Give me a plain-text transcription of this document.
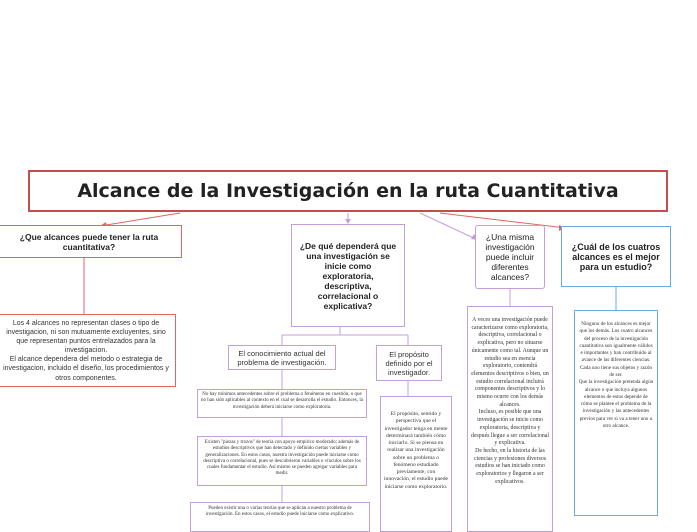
Alcance de la Investigación en la ruta Cuantitativa
¿Que alcances puede tener la ruta cuantitativa?
Los 4 alcances no representan clases o tipo de investigacion, ni son mutuamente excluyentes, sino que representan puntos entrelazados para la investigacion.
El alcance dependera del metodo o estrategia de investigacion, incluido el diseño, los procedimientos y otros componentes.
¿De qué dependerá que una investigación se inicie como exploratoria, descriptiva, correlacional o explicativa?
El conocimiento actual del problema de investigación.
El propósito definido por el investigador.
No hay mínimos antecedentes sobre el problema o fenómeno en cuestión, o que no han sido aplicables al contexto en el cual se desarrolla el estudio. Entonces, la investigación deberá iniciarse como exploratoria.
Existen "piezas y trozos" de teoría con apoyo empírico moderado; además de estudios descriptivos que han detectado y definido ciertas variables y generalizaciones. En estos casos, nuestra investigación puede iniciarse como descriptiva o correlacional, pues se descubrieron variables o vínculos sobre los cuales fundamentar el estudio. Así mismo se pueden agregar variables para medir.
Pueden existir una o varias teorías que se aplican a nuestro problema de investigación. En estos casos, el estudio puede iniciarse como explicativo.
El propósito, sentido y perspectiva que el investigador tenga en mente determinará también cómo iniciarlo. Si se piensa en realizar una investigación sobre un problema o fenómeno estudiado previamente, con innovación, el estudio puede iniciarse como exploratorio.
¿Una misma investigación puede incluir diferentes alcances?
A veces una investigación puede caracterizarse como exploratoria, descriptiva, correlacional o explicativa, pero no situarse únicamente como tal. Aunque un estudio sea en esencia exploratorio, contendrá elementos descriptivos o bien, un estudio correlacional incluirá componentes descriptivos y lo mismo ocurre con los demás alcances.
Incluso, es posible que una investigación se inicie como exploratoria, descriptiva y después llegue a ser correlacional y explicativa.
De hecho, en la historia de las ciencias y profesiones diversos estudios se han iniciado como exploratorios y llegaron a ser explicativos.
¿Cuál de los cuatros alcances es el mejor para un estudio?
Ninguno de los alcances es mejor que los demás. Los cuatro alcances del proceso de la investigación cuantitativa son igualmente válidos e importantes y han contribuido al avance de las diferentes ciencias. Cada uno tiene sus objetos y razón de ser.
Que la investigación pretenda algún alcance o que incluya algunos elementos de estos depende de cómo se plantee el problema de la investigación y las antecedentes previos para ver si va a tener uno u otro alcance.
